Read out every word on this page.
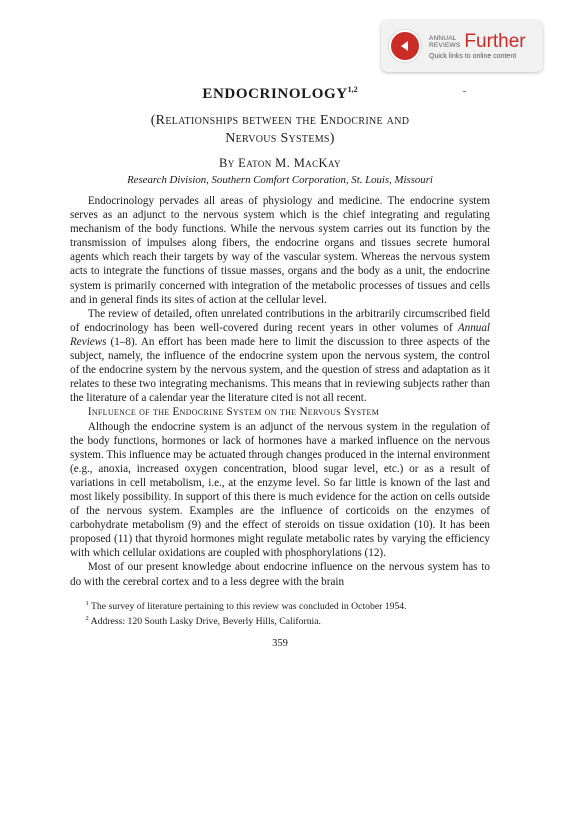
ANNUAL
REVIEWS Further
Quick links to online content
ENDOCRINOLOGY$^{1,2}$

(Relationships between the Endocrine and
Nervous Systems)

By Eaton M. MacKay

Research Division, Southern Comfort Corporation, St. Louis, Missouri

Endocrinology pervades all areas of physiology and medicine. The endocrine system serves as an adjunct to the nervous system which is the chief integrating and regulating mechanism of the body functions. While the nervous system carries out its function by the transmission of impulses along fibers, the endocrine organs and tissues secrete humoral agents which reach their targets by way of the vascular system. Whereas the nervous system acts to integrate the functions of tissue masses, organs and the body as a unit, the endocrine system is primarily concerned with integration of the metabolic processes of tissues and cells and in general finds its sites of action at the cellular level.

The review of detailed, often unrelated contributions in the arbitrarily circumscribed field of endocrinology has been well-covered during recent years in other volumes of Annual Reviews (1–8). An effort has been made here to limit the discussion to three aspects of the subject, namely, the influence of the endocrine system upon the nervous system, the control of the endocrine system by the nervous system, and the question of stress and adaptation as it relates to these two integrating mechanisms. This means that in reviewing subjects rather than the literature of a calendar year the literature cited is not all recent.

Influence of the Endocrine System on the Nervous System

Although the endocrine system is an adjunct of the nervous system in the regulation of the body functions, hormones or lack of hormones have a marked influence on the nervous system. This influence may be actuated through changes produced in the internal environment (e.g., anoxia, increased oxygen concentration, blood sugar level, etc.) or as a result of variations in cell metabolism, i.e., at the enzyme level. So far little is known of the last and most likely possibility. In support of this there is much evidence for the action on cells outside of the nervous system. Examples are the influence of corticoids on the enzymes of carbohydrate metabolism (9) and the effect of steroids on tissue oxidation (10). It has been proposed (11) that thyroid hormones might regulate metabolic rates by varying the efficiency with which cellular oxidations are coupled with phosphorylations (12).

Most of our present knowledge about endocrine influence on the nervous system has to do with the cerebral cortex and to a less degree with the brain

$^1$ The survey of literature pertaining to this review was concluded in October 1954.

$^2$ Address: 120 South Lasky Drive, Beverly Hills, California.

359
